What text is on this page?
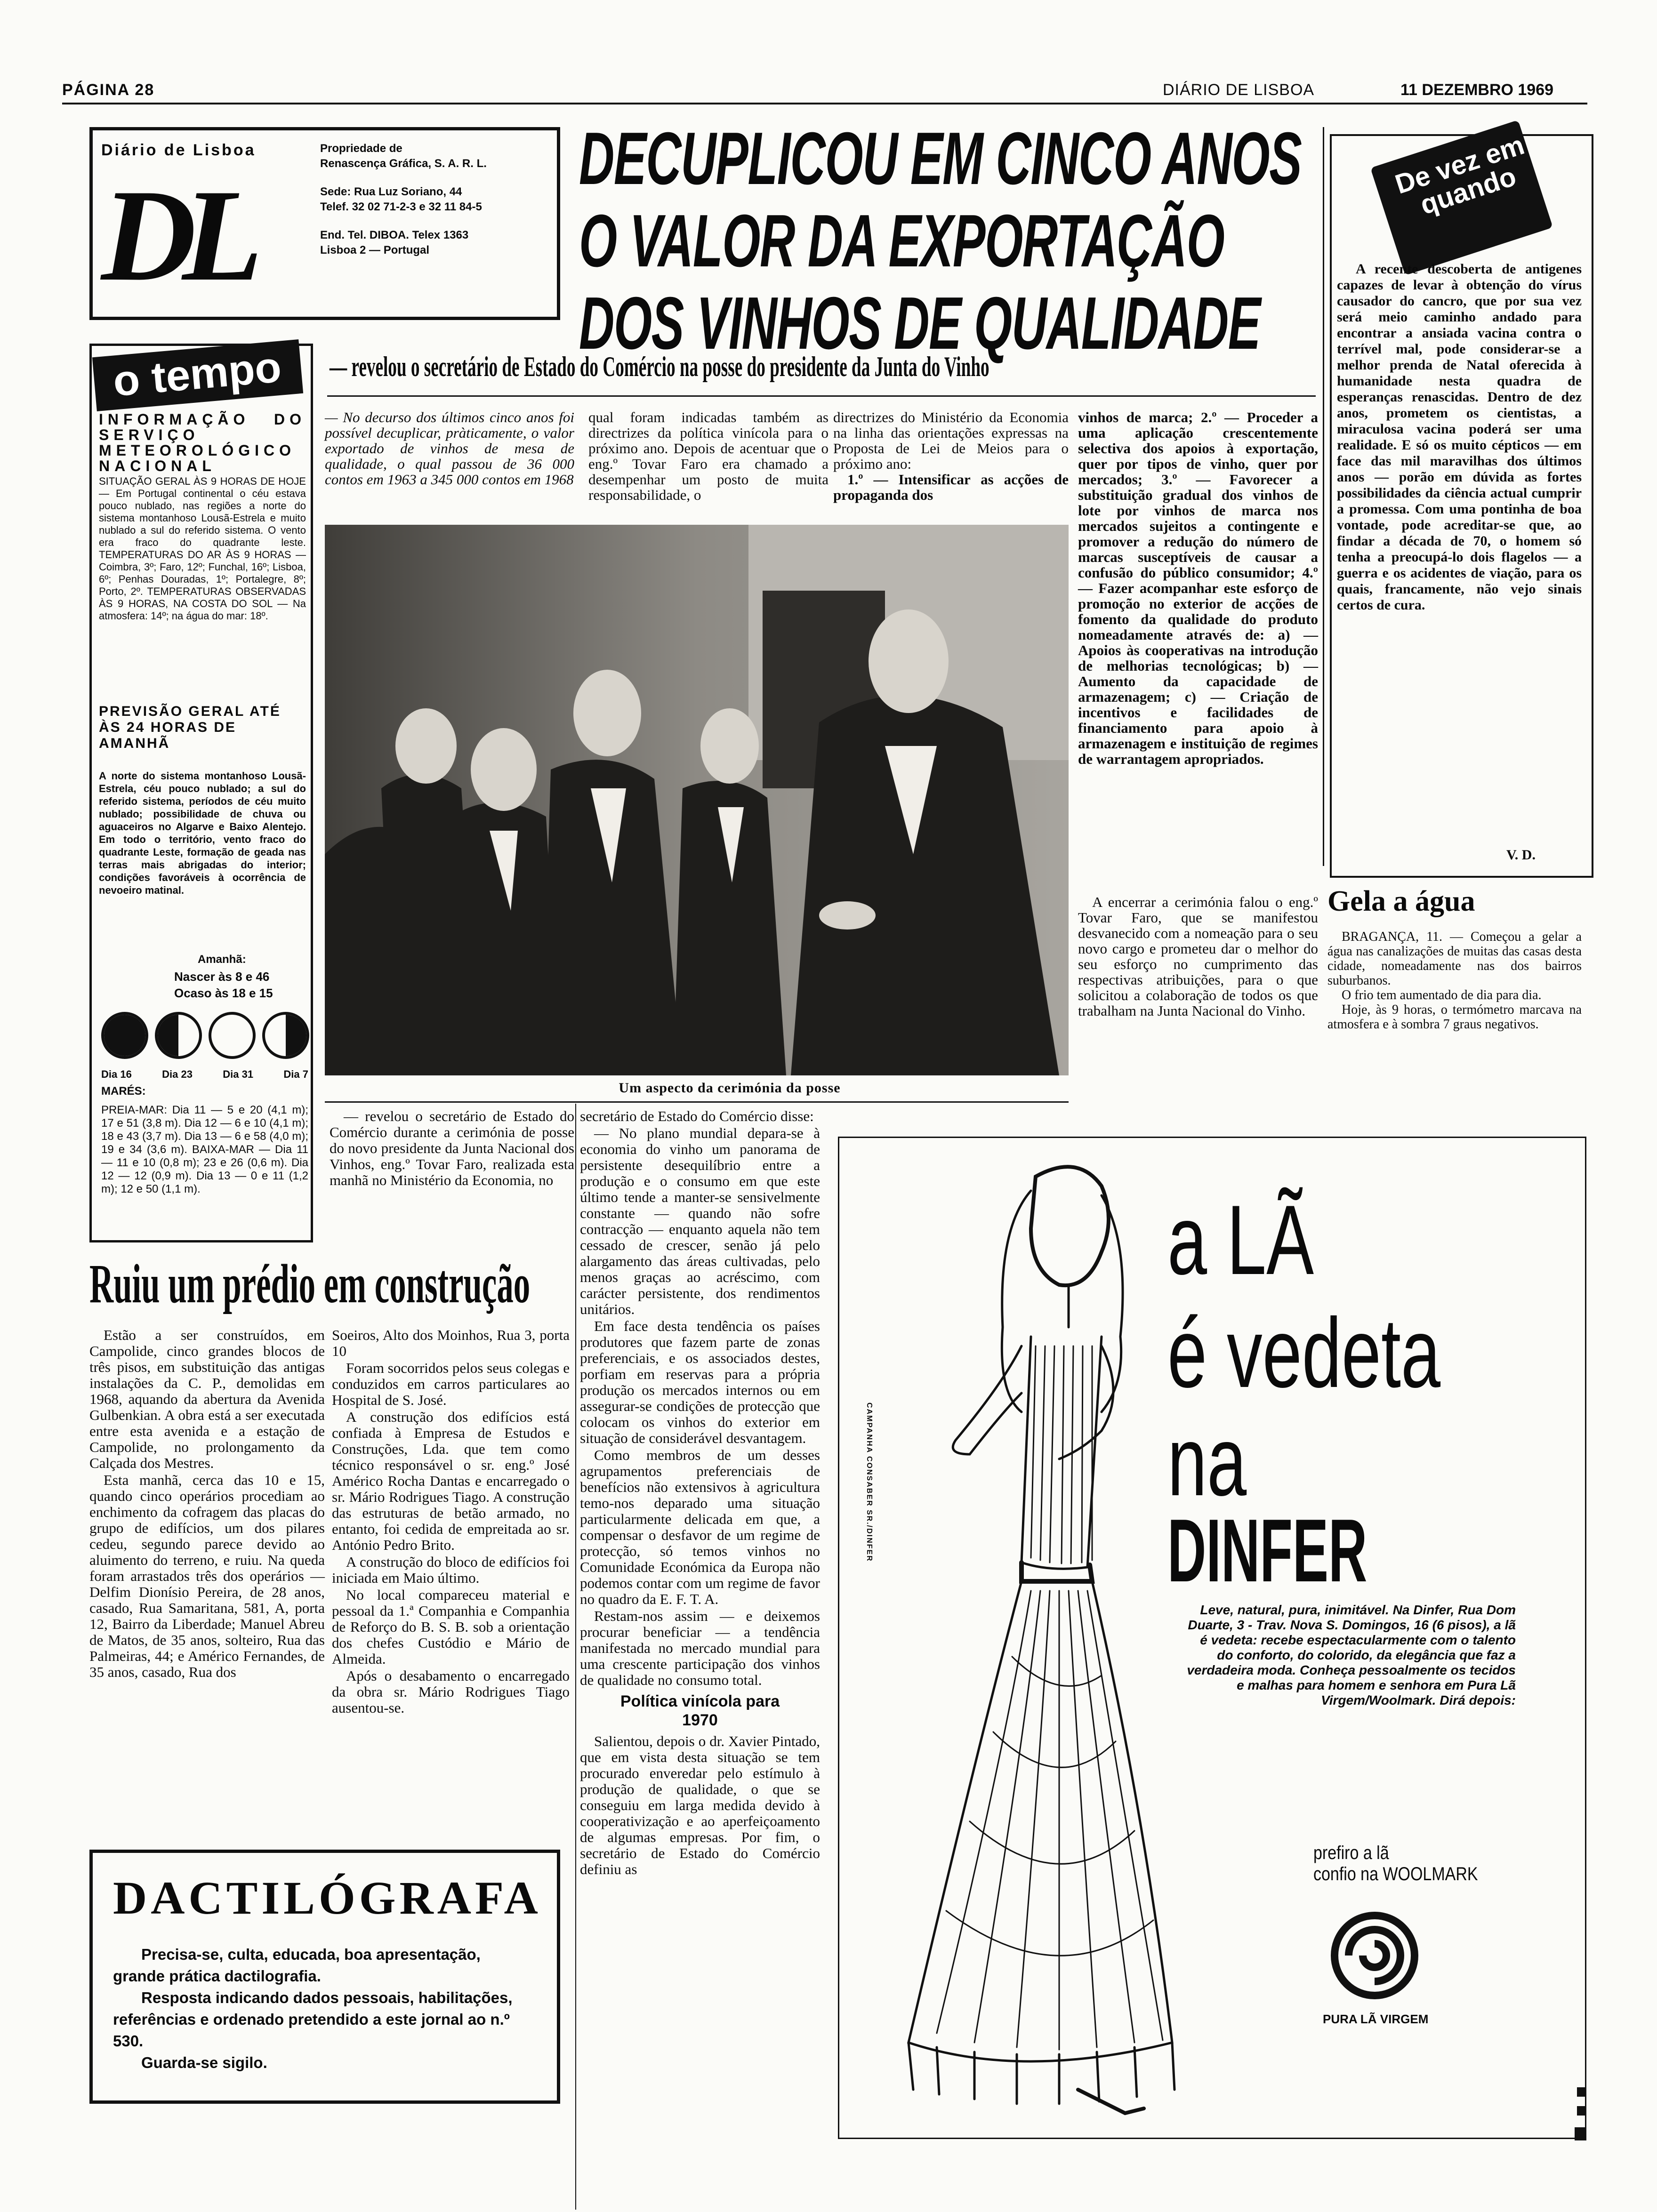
PÁGINA 28	DIÁRIO DE LISBOA	11 DEZEMBRO 1969
Diário de Lisboa
DL
Propriedade de
Renascença Gráfica, S. A. R. L.
Sede: Rua Luz Soriano, 44
Telef. 32 02 71-2-3 e 32 11 84-5
End. Tel. DIBOA. Telex 1363
Lisboa 2 — Portugal
DECUPLICOU EM CINCO ANOS
O VALOR DA EXPORTAÇÃO
DOS VINHOS DE QUALIDADE
De vez em quando
A recente descoberta de antigenes capazes de levar à obtenção do vírus causador do cancro, que por sua vez será meio caminho andado para encontrar a ansiada vacina contra o terrível mal, pode considerar-se a melhor prenda de Natal oferecida à humanidade nesta quadra de esperanças renascidas. Dentro de dez anos, prometem os cientistas, a miraculosa vacina poderá ser uma realidade. E só os muito cépticos — em face das mil maravilhas dos últimos anos — porão em dúvida as fortes possibilidades da ciência actual cumprir a promessa. Com uma pontinha de boa vontade, pode acreditar-se que, ao findar a década de 70, o homem só tenha a preocupá-lo dois flagelos — a guerra e os acidentes de viação, para os quais, francamente, não vejo sinais certos de cura.
V. D.
Gela a água

BRAGANÇA, 11. — Começou a gelar a água nas canalizações de muitas das casas desta cidade, nomeadamente nas dos bairros suburbanos.

O frio tem aumentado de dia para dia.

Hoje, às 9 horas, o termómetro marcava na atmosfera e à sombra 7 graus negativos.

— revelou o secretário de Estado do Comércio na posse do presidente da Junta do Vinho
o tempo
INFORMAÇÃO DO SERVIÇO METEOROLÓGICO NACIONAL
SITUAÇÃO GERAL ÀS 9 HORAS DE HOJE — Em Portugal continental o céu estava pouco nublado, nas regiões a norte do sistema montanhoso Lousã-Estrela e muito nublado a sul do referido sistema. O vento era fraco do quadrante leste. TEMPERATURAS DO AR ÀS 9 HORAS — Coimbra, 3º; Faro, 12º; Funchal, 16º; Lisboa, 6º; Penhas Douradas, 1º; Portalegre, 8º; Porto, 2º. TEMPERATURAS OBSERVADAS ÀS 9 HORAS, NA COSTA DO SOL — Na atmosfera: 14º; na água do mar: 18º.
PREVISÃO GERAL ATÉ ÀS 24 HORAS DE AMANHÃ
A norte do sistema montanhoso Lousã-Estrela, céu pouco nublado; a sul do referido sistema, períodos de céu muito nublado; possibilidade de chuva ou aguaceiros no Algarve e Baixo Alentejo. Em todo o território, vento fraco do quadrante Leste, formação de geada nas terras mais abrigadas do interior; condições favoráveis à ocorrência de nevoeiro matinal.
Amanhã:
Nascer às 8 e 46
Ocaso às 18 e 15
Dia 16	Dia 23	Dia 31	Dia 7
MARÉS:
PREIA-MAR: Dia 11 — 5 e 20 (4,1 m); 17 e 51 (3,8 m). Dia 12 — 6 e 10 (4,1 m); 18 e 43 (3,7 m). Dia 13 — 6 e 58 (4,0 m); 19 e 34 (3,6 m). BAIXA-MAR — Dia 11 — 11 e 10 (0,8 m); 23 e 26 (0,6 m). Dia 12 — 12 (0,9 m). Dia 13 — 0 e 11 (1,2 m); 12 e 50 (1,1 m).
— No decurso dos últimos cinco anos foi possível decuplicar, pràticamente, o valor exportado de vinhos de mesa de qualidade, o qual passou de 36 000 contos em 1963 a 345 000 contos em 1968
qual foram indicadas também as directrizes da política vinícola para o próximo ano. Depois de acentuar que o eng.º Tovar Faro era chamado a desempenhar um posto de muita responsabilidade, o

directrizes do Ministério da Economia na linha das orientações expressas na Proposta de Lei de Meios para o próximo ano:

1.º — Intensificar as acções de propaganda dos

vinhos de marca; 2.º — Proceder a uma aplicação crescentemente selectiva dos apoios à exportação, quer por tipos de vinho, quer por mercados; 3.º — Favorecer a substituição gradual dos vinhos de lote por vinhos de marca nos mercados sujeitos a contingente e promover a redução do número de marcas susceptíveis de causar a confusão do público consumidor; 4.º — Fazer acompanhar este esforço de promoção no exterior de acções de fomento da qualidade do produto nomeadamente através de: a) — Apoios às cooperativas na introdução de melhorias tecnológicas; b) — Aumento da capacidade de armazenagem; c) — Criação de incentivos e facilidades de financiamento para apoio à armazenagem e instituição de regimes de warrantagem apropriados.
A encerrar a cerimónia falou o eng.º Tovar Faro, que se manifestou desvanecido com a nomeação para o seu novo cargo e prometeu dar o melhor do seu esforço no cumprimento das respectivas atribuições, para o que solicitou a colaboração de todos os que trabalham na Junta Nacional do Vinho.
Um aspecto da cerimónia da posse
— revelou o secretário de Estado do Comércio durante a cerimónia de posse do novo presidente da Junta Nacional dos Vinhos, eng.º Tovar Faro, realizada esta manhã no Ministério da Economia, no

secretário de Estado do Comércio disse:

— No plano mundial depara-se à economia do vinho um panorama de persistente desequilíbrio entre a produção e o consumo em que este último tende a manter-se sensivelmente constante — quando não sofre contracção — enquanto aquela não tem cessado de crescer, senão já pelo alargamento das áreas cultivadas, pelo menos graças ao acréscimo, com carácter persistente, dos rendimentos unitários.

Em face desta tendência os países produtores que fazem parte de zonas preferenciais, e os associados destes, porfiam em reservas para a própria produção os mercados internos ou em assegurar-se condições de protecção que colocam os vinhos do exterior em situação de considerável desvantagem.

Como membros de um desses agrupamentos preferenciais de benefícios não extensivos à agricultura temo-nos deparado uma situação particularmente delicada em que, a compensar o desfavor de um regime de protecção, só temos vinhos no Comunidade Económica da Europa não podemos contar com um regime de favor no quadro da E. F. T. A.

Restam-nos assim — e deixemos procurar beneficiar — a tendência manifestada no mercado mundial para uma crescente participação dos vinhos de qualidade no consumo total.

Política vinícola para 1970

Salientou, depois o dr. Xavier Pintado, que em vista desta situação se tem procurado enveredar pelo estímulo à produção de qualidade, o que se conseguiu em larga medida devido à cooperativização e ao aperfeiçoamento de algumas empresas. Por fim, o secretário de Estado do Comércio definiu as

Ruiu um prédio em construção

Estão a ser construídos, em Campolide, cinco grandes blocos de três pisos, em substituição das antigas instalações da C. P., demolidas em 1968, aquando da abertura da Avenida Gulbenkian. A obra está a ser executada entre esta avenida e a estação de Campolide, no prolongamento da Calçada dos Mestres.

Esta manhã, cerca das 10 e 15, quando cinco operários procediam ao enchimento da cofragem das placas do grupo de edifícios, um dos pilares cedeu, segundo parece devido ao aluimento do terreno, e ruiu. Na queda foram arrastados três dos operários — Delfim Dionísio Pereira, de 28 anos, casado, Rua Samaritana, 581, A, porta 12, Bairro da Liberdade; Manuel Abreu de Matos, de 35 anos, solteiro, Rua das Palmeiras, 44; e Américo Fernandes, de 35 anos, casado, Rua dos

Soeiros, Alto dos Moinhos, Rua 3, porta 10

Foram socorridos pelos seus colegas e conduzidos em carros particulares ao Hospital de S. José.

A construção dos edifícios está confiada à Empresa de Estudos e Construções, Lda. que tem como técnico responsável o sr. eng.º José Américo Rocha Dantas e encarregado o sr. Mário Rodrigues Tiago. A construção das estruturas de betão armado, no entanto, foi cedida de empreitada ao sr. António Pedro Brito.

A construção do bloco de edifícios foi iniciada em Maio último.

No local compareceu material e pessoal da 1.ª Companhia e Companhia de Reforço do B. S. B. sob a orientação dos chefes Custódio e Mário de Almeida.

Após o desabamento o encarregado da obra sr. Mário Rodrigues Tiago ausentou-se.

DACTILÓGRAFA

Precisa-se, culta, educada, boa apresentação, grande prática dactilografia.

Resposta indicando dados pessoais, habilitações, referências e ordenado pretendido a este jornal ao n.º 530.

Guarda-se sigilo.

CAMPANHA CONSABER SR./DINFER
a LÃ
é vedeta
na
DINFER
Leve, natural, pura, inimitável. Na Dinfer, Rua Dom Duarte, 3 - Trav. Nova S. Domingos, 16 (6 pisos), a lã é vedeta: recebe espectacularmente com o talento do conforto, do colorido, da elegância que faz a verdadeira moda. Conheça pessoalmente os tecidos e malhas para homem e senhora em Pura Lã Virgem/Woolmark. Dirá depois:
prefiro a lã
confio na WOOLMARK
PURA LÃ VIRGEM
